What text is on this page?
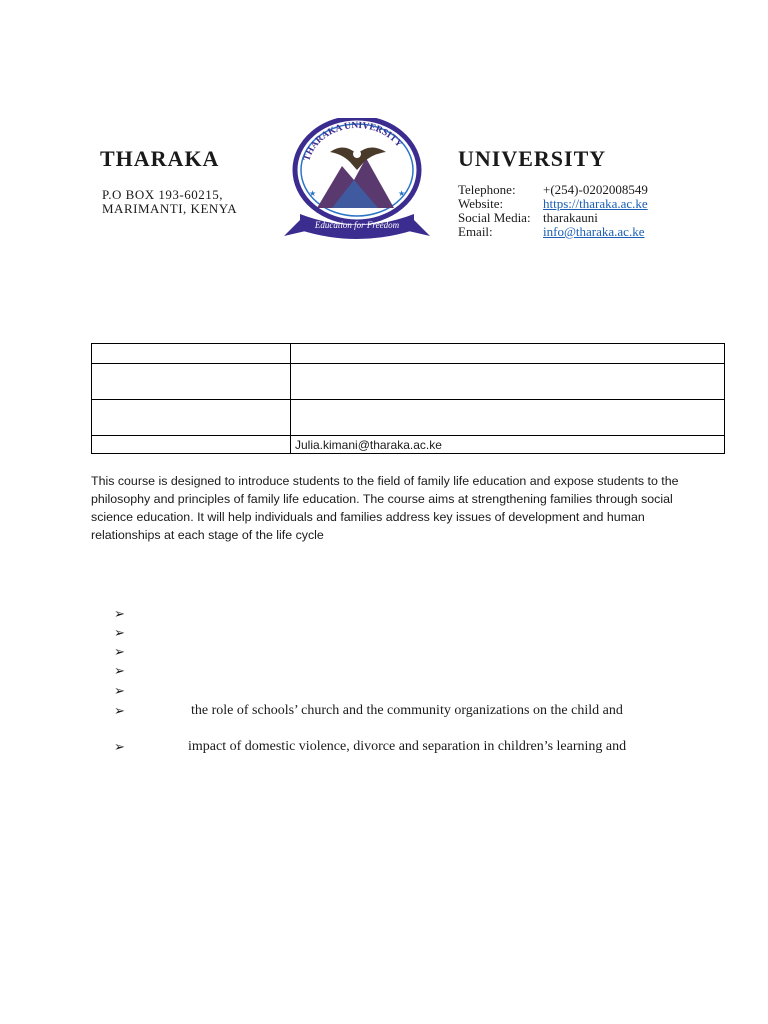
THARAKA
P.O BOX 193-60215,
MARIMANTI, KENYA
THARAKA UNIVERSITY
★	★
Education for Freedom
UNIVERSITY
Telephone: +(254)-0202008549
Website:	https://tharaka.ac.ke
Social Media: tharakauni
Email:	info@tharaka.ac.ke

	Julia.kimani@tharaka.ac.ke
This course is designed to introduce students to the field of family life education and expose students to the philosophy and principles of family life education. The course aims at strengthening families through social science education. It will help individuals and families address key issues of development and human relationships at each stage of the life cycle
➢
➢
➢
➢
➢
➢	the role of schools’ church and the community organizations on the child and
➢	impact of domestic violence, divorce and separation in children’s learning and
